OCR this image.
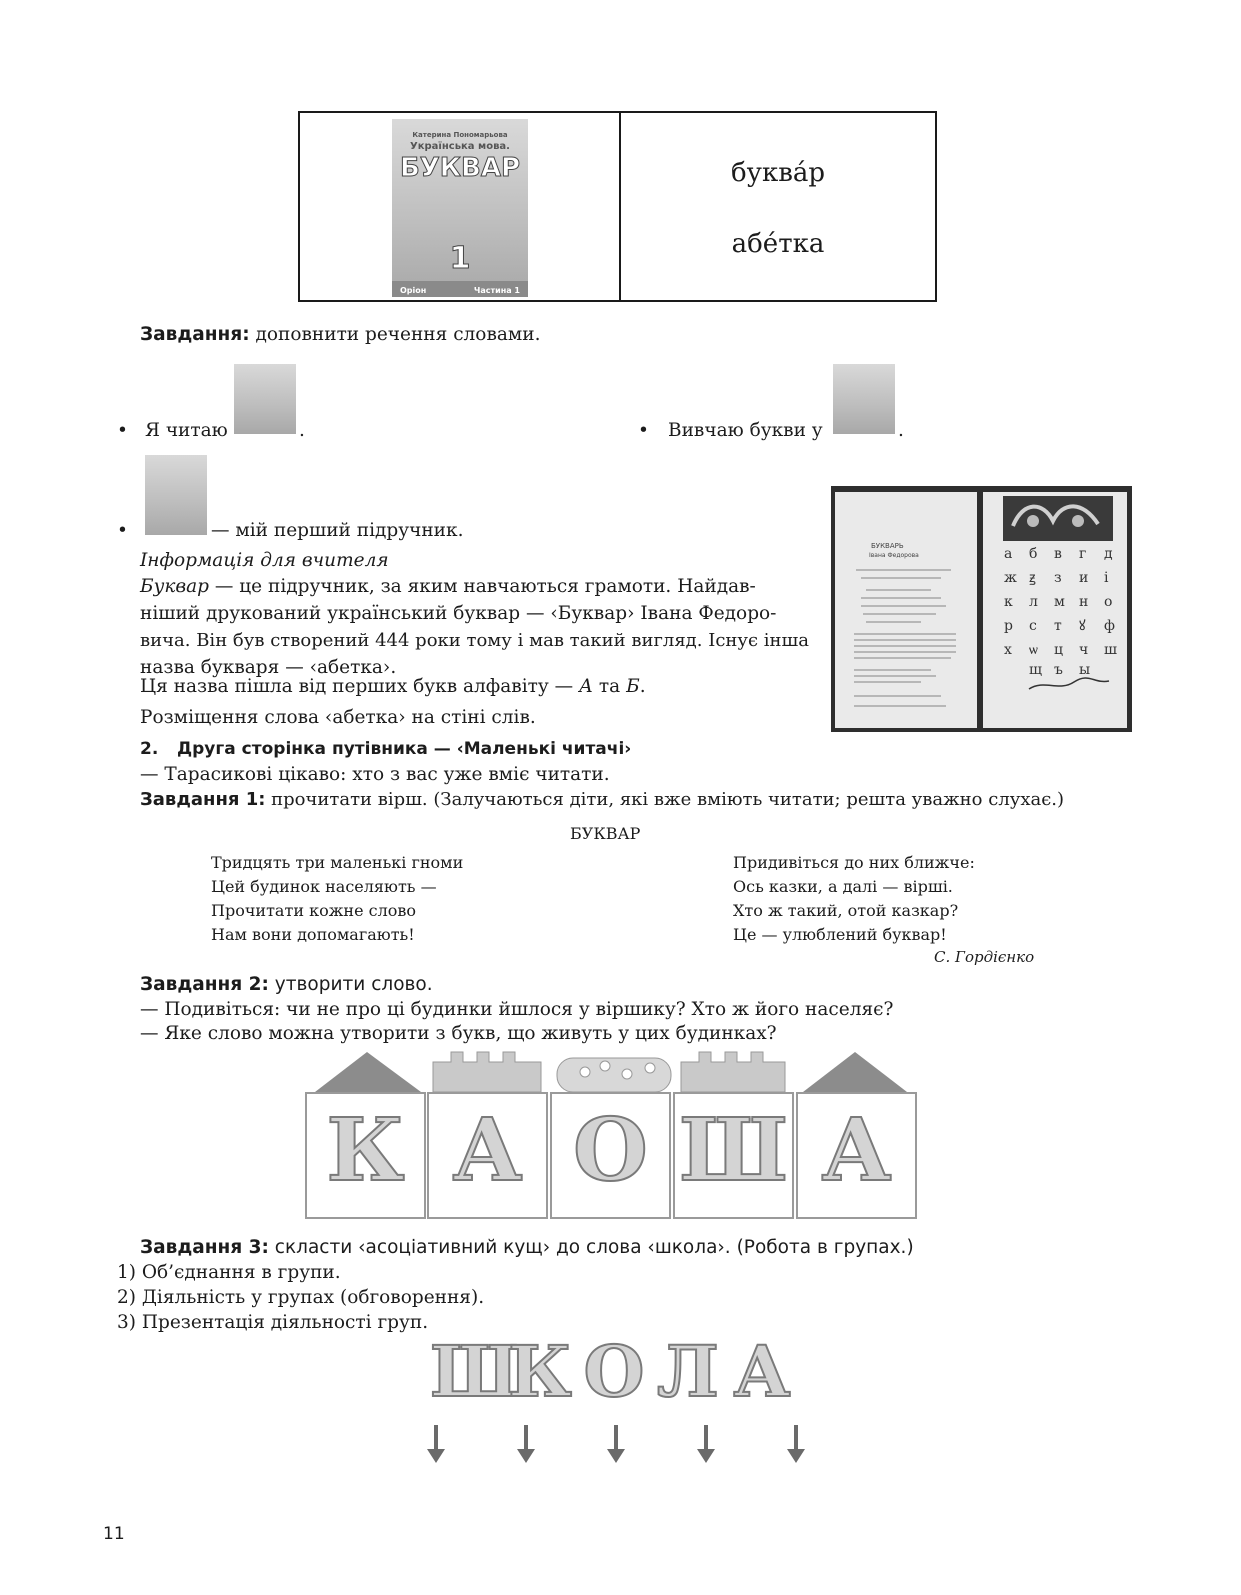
Катерина Пономарьова
Українська мова.
БУКВАР
1
Оріон	Частина 1
буква́р
абе́тка
Завдання: доповнити речення словами.
• Я читаю	.	• Вивчаю букви у	.
•	— мій перший підручник.
Інформація для вчителя
Буквар — це підручник, за яким навчаються грамоти. Найдав-
ніший друкований український буквар — ‹Буквар› Івана Федоро-
вича. Він був створений 444 роки тому і мав такий вигляд. Існує інша
назва букваря — ‹абетка›.
Ця назва пішла від перших букв алфавіту — А та Б.
Розміщення слова ‹абетка› на стіні слів.
БУКВАРЬ
Івана Федорова	а б в г д
ж ꙃ з и і
к л м н о
р с т ꙋ ф
х ѡ ц ч ш
щ ъ ы
2. Друга сторінка путівника — ‹Маленькі читачі›
— Тарасикові цікаво: хто з вас уже вміє читати.
Завдання 1: прочитати вірш. (Залучаються діти, які вже вміють читати; решта уважно слухає.)
БУКВАР
Тридцять три маленькі гноми
Цей будинок населяють —
Прочитати кожне слово
Нам вони допомагають!
Придивіться до них ближче:
Ось казки, а далі — вірші.
Хто ж такий, отой казкар?
Це — улюблений буквар!
С. Гордієнко
Завдання 2: утворити слово.
— Подивіться: чи не про ці будинки йшлося у віршику? Хто ж його населяє?
— Яке слово можна утворити з букв, що живуть у цих будинках?
К А О Ш А
Завдання 3: скласти ‹асоціативний кущ› до слова ‹школа›. (Робота в групах.)
1) Об’єднання в групи.
2) Діяльність у групах (обговорення).
3) Презентація діяльності груп.
Ш
К О Л А
11
